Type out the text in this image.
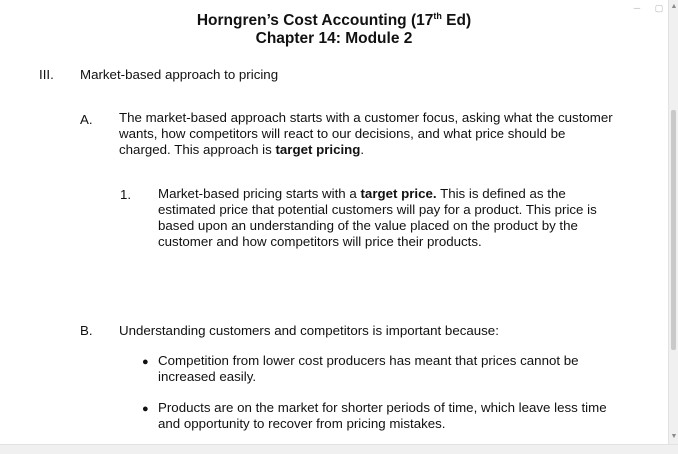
Horngren’s Cost Accounting (17th Ed)
Chapter 14: Module 2
III. Market-based approach to pricing
A. The market-based approach starts with a customer focus, asking what the customer wants, how competitors will react to our decisions, and what price should be charged. This approach is target pricing.
1. Market-based pricing starts with a target price. This is defined as the estimated price that potential customers will pay for a product. This price is based upon an understanding of the value placed on the product by the customer and how competitors will price their products.
B. Understanding customers and competitors is important because:
● Competition from lower cost producers has meant that prices cannot be increased easily.
● Products are on the market for shorter periods of time, which leave less time and opportunity to recover from pricing mistakes.
─ ▢ ▲
▼
